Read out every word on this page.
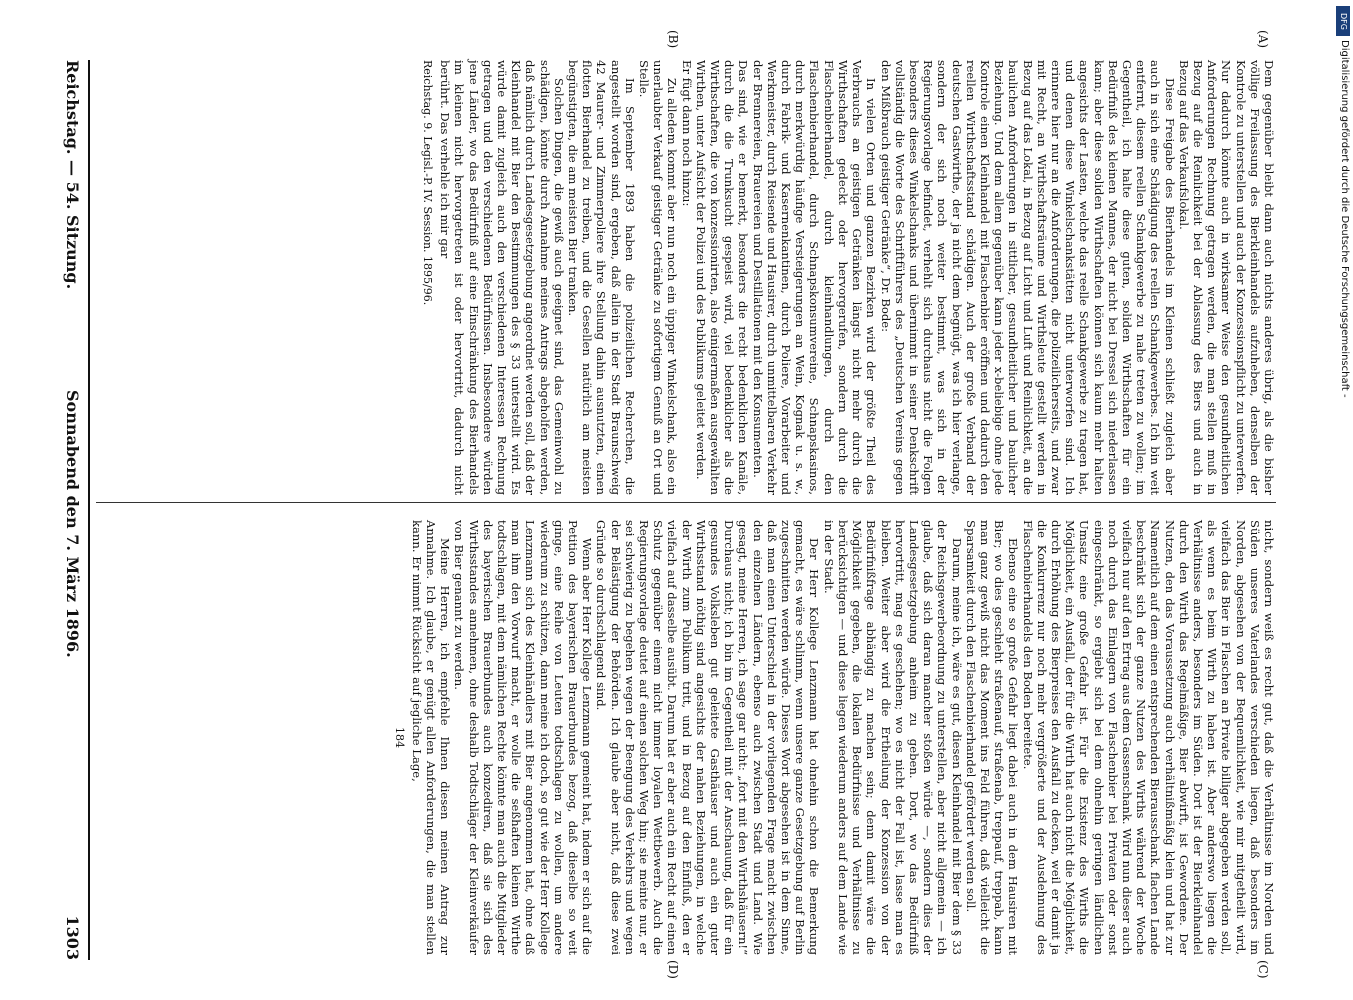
DFG
Digitalisierung gefördert durch die Deutsche Forschungsgemeinschaft -
Reichstag. — 54. Sitzung.
Sonnabend den 7. März 1896.
1303

Dem gegenüber bleibt dann auch nichts anderes übrig, als die bisher völlige Freilassung des Bierkleinhandels aufzuheben, denselben der Kontrole zu unterstellen und auch der Konzessionspflicht zu unterwerfen. Nur dadurch könnte auch in wirksamer Weise den gesundheitlichen Anforderungen Rechnung getragen werden, die man stellen muß in Bezug auf die Reinlichkeit bei der Ablassung des Biers und auch in Bezug auf das Verkaufslokal.

Diese Freigabe des Bierhandels im Kleinen schließt zugleich aber auch in sich eine Schädigung des reellen Schankgewerbes. Ich bin weit entfernt, diesem reellen Schankgewerbe zu nahe treten zu wollen; im Gegentheil, ich halte diese guten, soliden Wirthschaften für ein Bedürfniß des kleinen Mannes, der nicht bei Dressel sich niederlassen kann; aber diese soliden Wirthschaften können sich kaum mehr halten angesichts der Lasten, welche das reelle Schankgewerbe zu tragen hat, und denen diese Winkelschankstätten nicht unterworfen sind. Ich erinnere hier nur an die Anforderungen, die polizeilicherseits, und zwar mit Recht, an Wirthschaftsräume und Wirthsleute gestellt werden in Bezug auf das Lokal, in Bezug auf Licht und Luft und Reinlichkeit, an die baulichen Anforderungen in sittlicher, gesundheitlicher und baulicher Beziehung. Und dem allem gegenüber kann jeder x-beliebige ohne jede Kontrole einen Kleinhandel mit Flaschenbier eröffnen und dadurch den reellen Wirthschaftsstand schädigen. Auch der große Verband der deutschen Gastwirthe, der ja nicht dem begnügt, was ich hier verlange, sondern der sich noch weiter bestimmt, was sich in der Regierungsvorlage befindet, verhehlt sich durchaus nicht die Folgen besonders dieses Winkelschanks und übernimmt in seiner Denkschrift vollständig die Worte des Schriftführers des „Deutschen Vereins gegen den Mißbrauch geistiger Getränke“, Dr. Bode:

In vielen Orten und ganzen Bezirken wird der größte Theil des Verbrauchs an geistigen Getränken längst nicht mehr durch die Wirthschaften gedeckt oder hervorgerufen, sondern durch die Flaschenbierhandel, durch kleinhandlungen, durch den Flaschenbierhandel, durch Schnapskonsumvereine, Schnapskasinos, durch merkwürdig häufige Versteigerungen an Wein, Kognak u. s. w., durch Fabrik- und Kasernenkantinen, durch Poliere, Vorarbeiter und Werkmeister, durch Reisende und Hausirer, durch unmittelbaren Verkehr der Brennereien, Brauereien und Destillationen mit den Konsumenten.

Das sind, wie er bemerkt, besonders die recht bedenklichen Kanäle, durch die die Trunksucht gespeist wird, viel bedenklicher als die Wirthschaften, die von konzessionirten, also einigermaßen ausgewählten Wirthen, unter Aufsicht der Polizei und des Publikums geleitet werden.

Er fügt dann noch hinzu:

Zu alledem kommt aber nun noch ein üppiger Winkelschank, also ein unerlaubter Verkauf geistiger Getränke zu sofortigem Genuß an Ort und Stelle.

Im September 1893 haben die polizeilichen Recherchen, die angestellt worden sind, ergeben, daß allein in der Stadt Braunschweig 42 Maurer- und Zimmerpoliere ihre Stellung dahin ausnutzten, einen flotten Bierhandel zu treiben, und die Gesellen natürlich am meisten begünstigten, die am meisten Bier tranken.

Solchen Dingen, die gewiß auch geeignet sind, das Gemeinwohl zu schädigen, könnte durch Annahme meines Antrags abgeholfen werden, daß nämlich durch Landesgesetzgebung angeordnet werden soll, daß der Kleinhandel mit Bier den Bestimmungen des § 33 unterstellt wird. Es würde damit zugleich auch den verschiedenen Interessen Rechnung getragen und den verschiedenen Bedürfnissen. Insbesondere würden jene Länder, wo das Bedürfniß auf eine Einschränkung des Bierhandels im kleinen nicht hervorgetreten ist oder hervortritt, dadurch nicht berührt. Das verhehle ich mir gar

Reichstag. 9. Legisl.-P. IV. Session. 1895/96.

nicht, sondern weiß es recht gut, daß die Verhältnisse im Norden und Süden unseres Vaterlandes verschieden liegen, daß besonders im Norden, abgesehen von der Bequemlichkeit, wie mir mitgetheilt wird, vielfach das Bier in Flaschen an Private billiger abgegeben werden soll, als wenn es beim Wirth zu haben ist. Aber anderswo liegen die Verhältnisse anders, besonders im Süden. Dort ist der Bierkleinhandel durch den Wirth das Regelmäßige, Bier abwirft, ist Gewordene. Der Nutzen, den das Voraussetzung auch verhältnißmäßig klein und hat zur Namentlich auf dem einen entsprechenden Bierausschank. flachen Lande beschränkt sich der ganze Nutzen des Wirths während der Woche vielfach nur auf den Ertrag aus dem Gassenschank. Wird nun dieser auch noch durch das Einlagern von Flaschenbier bei Privaten oder sonst eingeschränkt, so ergiebt sich bei dem ohnehin geringen ländlichen Umsatz eine große Gefahr ist. Für die Existenz des Wirths die Möglichkeit, ein Ausfall, der für die Wirth hat auch nicht die Möglichkeit, durch Erhöhung des Bierpreises den Ausfall zu decken, weil er damit ja die Konkurrenz nur noch mehr vergrößerte und der Ausdehnung des Flaschenbierhandels den Boden bereitete.

Ebenso eine so große Gefahr liegt dabei auch in dem Hausiren mit Bier; wo dies geschieht straßenauf, straßenab, treppauf, treppab, kann man ganz gewiß nicht das Moment ins Feld führen, daß vielleicht die Sparsamkeit durch den Flaschenbierhandel gefördert werden soll.

Darum, meine ich, wäre es gut, diesen Kleinhandel mit Bier dem § 33 der Reichsgewerbeordnung zu unterstellen, aber nicht allgemein — ich glaube, daß sich daran mancher stoßen würde —, sondern dies der Landesgesetzgebung anheim zu geben. Dort, wo das Bedürfniß hervortritt, mag es geschehen; wo es nicht der Fall ist, lasse man es bleiben. Weiter aber wird die Ertheilung der Konzession von der Bedürfnißfrage abhängig zu machen sein; denn damit wäre die Möglichkeit gegeben, die lokalen Bedürfnisse und Verhältnisse zu berücksichtigen — und diese liegen wiederum anders auf dem Lande wie in der Stadt.

Der Herr Kollege Lenzmann hat ohnehin schon die Bemerkung gemacht, es wäre schlimm, wenn unsere ganze Gesetzgebung auf Berlin zugeschnitten werden würde. Dieses Wort abgesehen ist in dem Sinne, daß man einen Unterschied in der vorliegenden Frage macht zwischen den einzelnen Ländern, ebenso auch zwischen Stadt und Land. Wie gesagt, meine Herren, ich sage gar nicht: „fort mit den Wirthshäusern!“ Durchaus nicht; ich bin im Gegentheil mit der Anschauung, daß für ein gesundes Volksleben gut geleitete Gasthäuser und auch ein guter Wirthsstand nöthig sind angesichts der nahen Beziehungen, in welche der Wirth zum Publikum tritt, und in Bezug auf den Einfluß, den er vielfach auf dasselbe ausübt. Darum hat er aber auch ein Recht auf einen Schutz gegenüber einem nicht immer loyalen Wettbewerb. Auch die Regierungsvorlage deutet auf einen solchen Weg hin; sie meinte nur, er sei schwierig zu begehen wegen der Beengung des Verkehrs und wegen der Belästigung der Behörden. Ich glaube aber nicht, daß diese zwei Gründe so durchschlagend sind.

Wenn aber Herr Kollege Lenzmann gemeint hat, indem er sich auf die Petition des bayerischen Brauerbundes bezog, daß dieselbe so weit ginge, eine Reihe von Leuten todtschlagen zu wollen, um andere wiederum zu schützen, dann meine ich doch, so gut wie der Herr Kollege Lenzmann sich des Kleinhändlers mit Bier angenommen hat, ohne daß man ihm den Vorwurf macht, er wolle die seßhaften kleinen Wirthe todtschlagen, mit dem nämlichen Rechte könnte man auch die Mitglieder des bayerischen Brauerbundes auch konzediren, daß sie sich des Wirthsstandes annehmen, ohne deshalb Todtschläger der Kleinverkäufer von Bier genannt zu werden.

Meine Herren, ich empfehle Ihnen diesen meinen Antrag zur Annahme. Ich glaube, er genügt allen Anforderungen, die man stellen kann. Er nimmt Rücksicht auf jegliche Lage,

184
(A)
(B)
(C)
(D)
